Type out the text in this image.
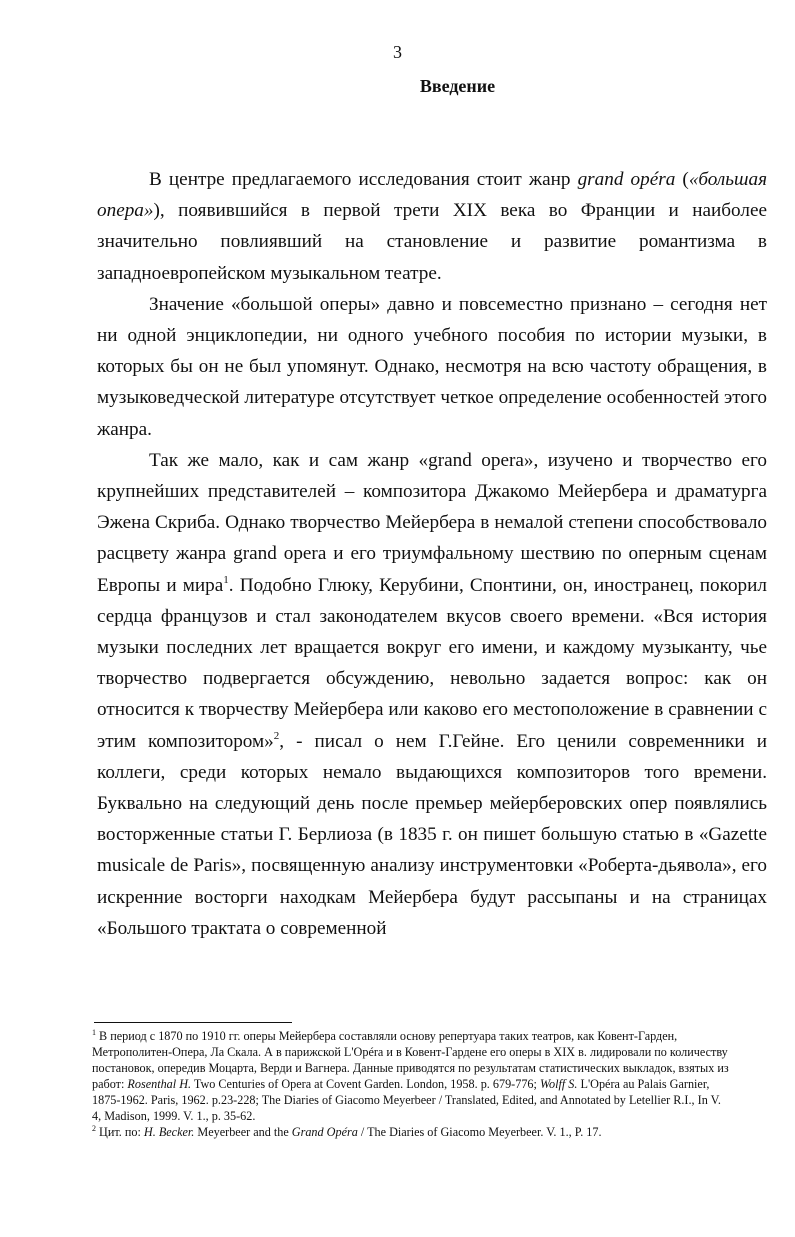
3
Введение

В центре предлагаемого исследования стоит жанр grand opéra («большая опера»), появившийся в первой трети XIX века во Франции и наиболее значительно повлиявший на становление и развитие романтизма в западноевропейском музыкальном театре.

Значение «большой оперы» давно и повсеместно признано – сегодня нет ни одной энциклопедии, ни одного учебного пособия по истории музыки, в которых бы он не был упомянут. Однако, несмотря на всю частоту обращения, в музыковедческой литературе отсутствует четкое определение особенностей этого жанра.

Так же мало, как и сам жанр «grand opera», изучено и творчество его крупнейших представителей – композитора Джакомо Мейербера и драматурга Эжена Скриба. Однако творчество Мейербера в немалой степени способствовало расцвету жанра grand opera и его триумфальному шествию по оперным сценам Европы и мира$^1$. Подобно Глюку, Керубини, Спонтини, он, иностранец, покорил сердца французов и стал законодателем вкусов своего времени. «Вся история музыки последних лет вращается вокруг его имени, и каждому музыканту, чье творчество подвергается обсуждению, невольно задается вопрос: как он относится к творчеству Мейербера или каково его местоположение в сравнении с этим композитором»$^2$, - писал о нем Г.Гейне. Его ценили современники и коллеги, среди которых немало выдающихся композиторов того времени. Буквально на следующий день после премьер мейерберовских опер появлялись восторженные статьи Г. Берлиоза (в 1835 г. он пишет большую статью в «Gazette musicale de Paris», посвященную анализу инструментовки «Роберта-дьявола», его искренние восторги находкам Мейербера будут рассыпаны и на страницах «Большого трактата о современной

$^1$ В период с 1870 по 1910 гг. оперы Мейербера составляли основу репертуара таких театров, как Ковент-Гарден, Метрополитен-Опера, Ла Скала. А в парижской L'Opéra и в Ковент-Гардене его оперы в XIX в. лидировали по количеству постановок, опередив Моцарта, Верди и Вагнера. Данные приводятся по результатам статистических выкладок, взятых из работ: Rosenthal H. Two Centuries of Opera at Covent Garden. London, 1958. p. 679-776; Wolff S. L'Opéra au Palais Garnier, 1875-1962. Paris, 1962. p.23-228; The Diaries of Giacomo Meyerbeer / Translated, Edited, and Annotated by Letellier R.I., In V. 4, Madison, 1999. V. 1., p. 35-62.

$^2$ Цит. по: H. Becker. Meyerbeer and the Grand Opéra / The Diaries of Giacomo Meyerbeer. V. 1., P. 17.
